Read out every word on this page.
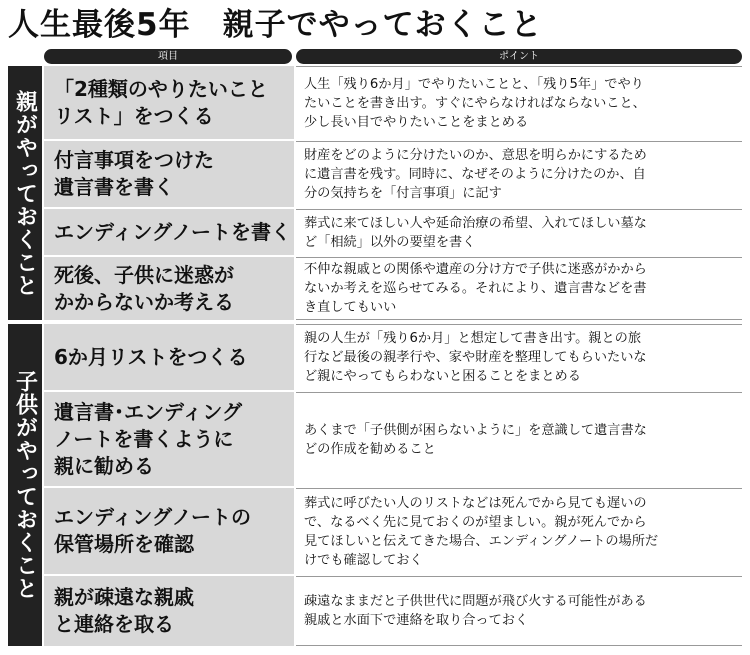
人生最後5年　親子でやっておくこと
項目	ポイント
親がやっておくこと
子供がやっておくこと
「2種類のやりたいこと
リスト」をつくる
人生「残り6か月」でやりたいことと、「残り5年」でやり
たいことを書き出す。すぐにやらなければならないこと、
少し長い目でやりたいことをまとめる
付言事項をつけた
遺言書を書く
財産をどのように分けたいのか、意思を明らかにするため
に遺言書を残す。同時に、なぜそのように分けたのか、自
分の気持ちを「付言事項」に記す
エンディングノートを書く 葬式に来てほしい人や延命治療の希望、入れてほしい墓な
ど「相続」以外の要望を書く
死後、子供に迷惑が
かからないか考える
不仲な親戚との関係や遺産の分け方で子供に迷惑がかから
ないか考えを巡らせてみる。それにより、遺言書などを書
き直してもいい
6か月リストをつくる
親の人生が「残り6か月」と想定して書き出す。親との旅
行など最後の親孝行や、家や財産を整理してもらいたいな
ど親にやってもらわないと困ることをまとめる
遺言書･エンディング
ノートを書くように
親に勧める
あくまで「子供側が困らないように」を意識して遺言書な
どの作成を勧めること
エンディングノートの
保管場所を確認
葬式に呼びたい人のリストなどは死んでから見ても遅いの
で、なるべく先に見ておくのが望ましい。親が死んでから
見てほしいと伝えてきた場合、エンディングノートの場所だ
けでも確認しておく
親が疎遠な親戚
と連絡を取る
疎遠なままだと子供世代に問題が飛び火する可能性がある
親戚と水面下で連絡を取り合っておく
